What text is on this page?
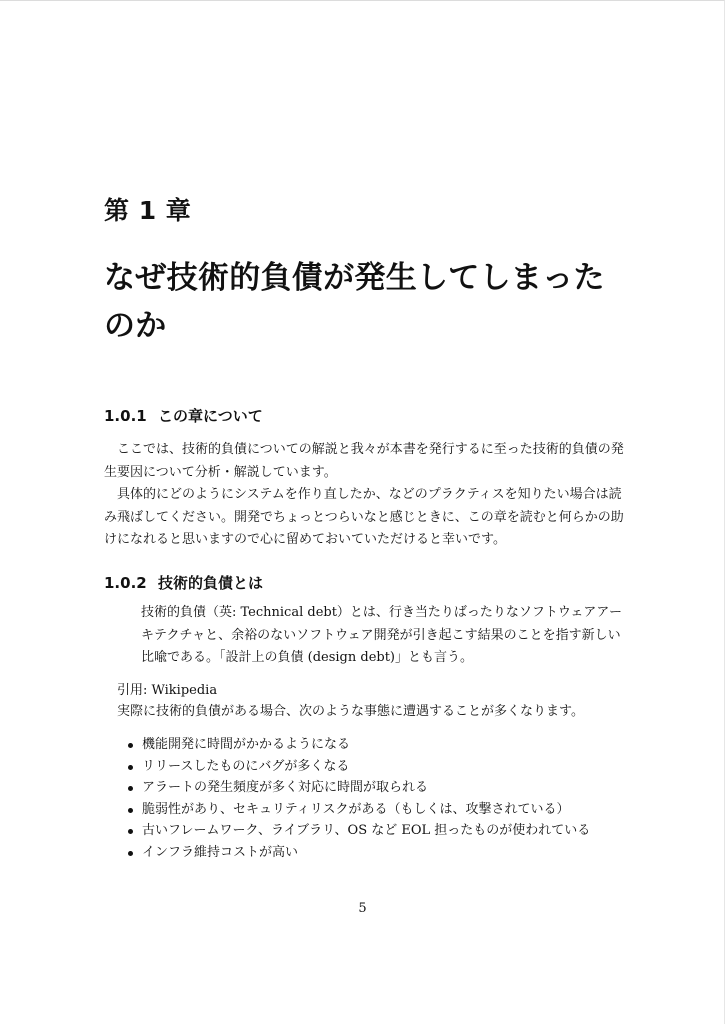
第 1 章
なぜ技術的負債が発生してしまった
のか
1.0.1 この章について

ここでは、技術的負債についての解説と我々が本書を発行するに至った技術的負債の発生要因について分析・解説しています。

具体的にどのようにシステムを作り直したか、などのプラクティスを知りたい場合は読み飛ばしてください。開発でちょっとつらいなと感じときに、この章を読むと何らかの助けになれると思いますので心に留めておいていただけると幸いです。

1.0.2 技術的負債とは

技術的負債（英: Technical debt）とは、行き当たりばったりなソフトウェアアーキテクチャと、余裕のないソフトウェア開発が引き起こす結果のことを指す新しい比喩である。「設計上の負債 (design debt)」とも言う。

引用: Wikipedia

実際に技術的負債がある場合、次のような事態に遭遇することが多くなります。

機能開発に時間がかかるようになる
リリースしたものにバグが多くなる
アラートの発生頻度が多く対応に時間が取られる
脆弱性があり、セキュリティリスクがある（もしくは、攻撃されている）
古いフレームワーク、ライブラリ、OS など EOL 担ったものが使われている
インフラ維持コストが高い

5
